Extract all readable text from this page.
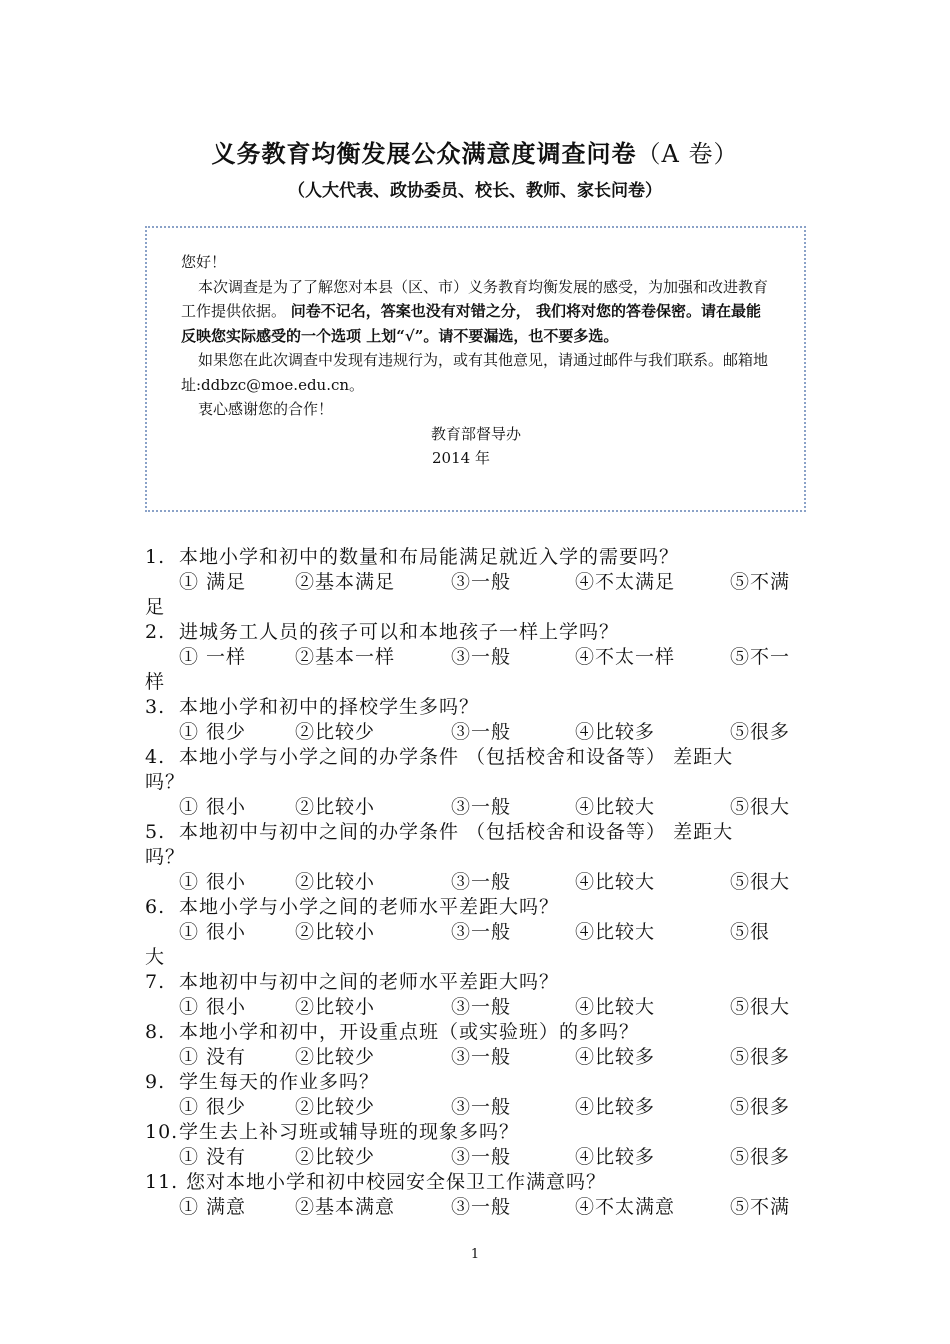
义务教育均衡发展公众满意度调查问卷（A 卷）
（人大代表、政协委员、校长、教师、家长问卷）

您好！

本次调查是为了了解您对本县（区、市）义务教育均衡发展的感受，为加强和改进教育工作提供依据。 问卷不记名，答案也没有对错之分， 我们将对您的答卷保密。请在最能反映您实际感受的一个选项 上划“√”。请不要漏选，也不要多选。

如果您在此次调查中发现有违规行为，或有其他意见，请通过邮件与我们联系。邮箱地址:ddbzc@moe.edu.cn。

衷心感谢您的合作！

教育部督导办

2014 年

1. 本地小学和初中的数量和布局能满足就近入学的需要吗？

① 满足	②基本满足	③一般	④不太满足	⑤不满

足

2. 进城务工人员的孩子可以和本地孩子一样上学吗？

① 一样	②基本一样	③一般	④不太一样	⑤不一

样

3. 本地小学和初中的择校学生多吗？

① 很少	②比较少	③一般	④比较多	⑤很多

4. 本地小学与小学之间的办学条件 （包括校舍和设备等） 差距大

吗？

① 很小	②比较小	③一般	④比较大	⑤很大

5. 本地初中与初中之间的办学条件 （包括校舍和设备等） 差距大

吗？

① 很小	②比较小	③一般	④比较大	⑤很大

6. 本地小学与小学之间的老师水平差距大吗？

① 很小	②比较小	③一般	④比较大	⑤很

大

7. 本地初中与初中之间的老师水平差距大吗？

① 很小	②比较小	③一般	④比较大	⑤很大

8. 本地小学和初中，开设重点班（或实验班）的多吗？

① 没有	②比较少	③一般	④比较多	⑤很多

9. 学生每天的作业多吗？

① 很少	②比较少	③一般	④比较多	⑤很多

10.学生去上补习班或辅导班的现象多吗？

① 没有	②比较少	③一般	④比较多	⑤很多

11. 您对本地小学和初中校园安全保卫工作满意吗？

① 满意	②基本满意	③一般	④不太满意	⑤不满
1
